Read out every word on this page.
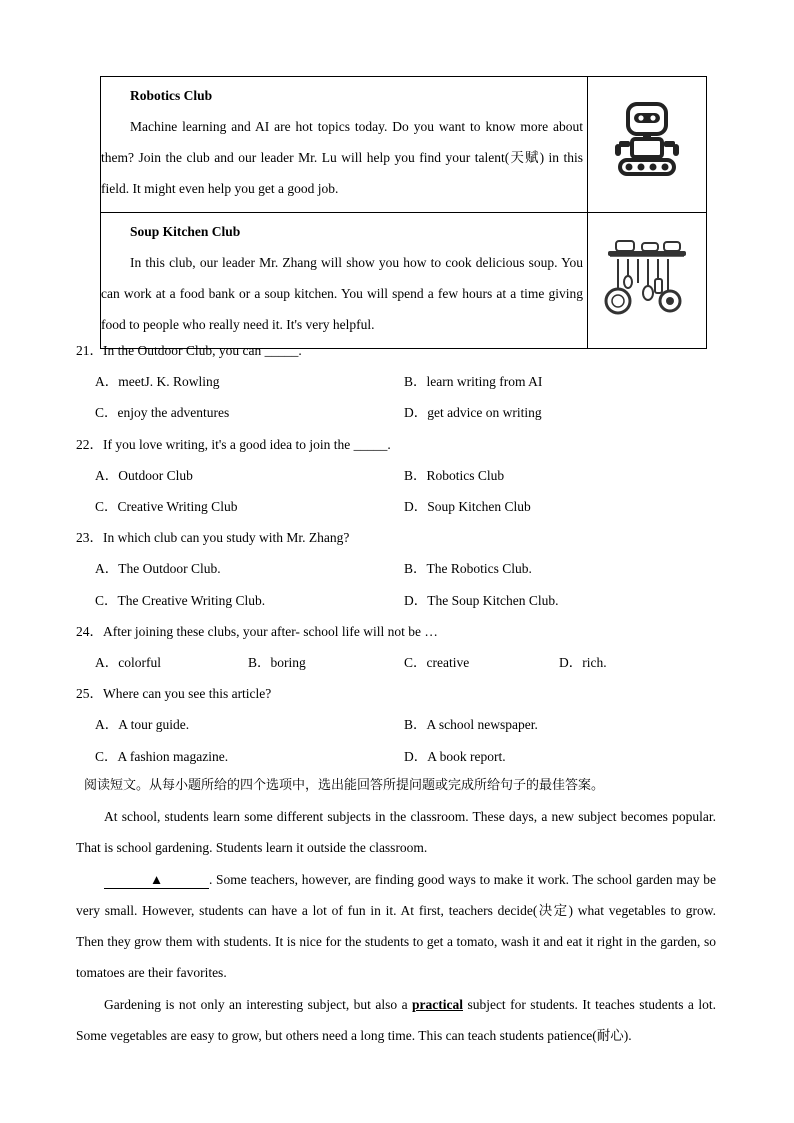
Robotics Club
Machine learning and AI are hot topics today. Do you want to know more about them? Join the club and our leader Mr. Lu will help you find your talent(天赋) in this field. It might even help you get a good job.

Soup Kitchen Club
In this club, our leader Mr. Zhang will show you how to cook delicious soup. You can work at a food bank or a soup kitchen. You will spend a few hours at a time giving food to people who really need it. It's very helpful.

21．In the Outdoor Club, you can _____.
A．meetJ. K. Rowling	B．learn writing from AI
C．enjoy the adventures	D．get advice on writing
22．If you love writing, it's a good idea to join the _____.
A．Outdoor Club	B．Robotics Club
C．Creative Writing Club	D．Soup Kitchen Club
23．In which club can you study with Mr. Zhang?
A．The Outdoor Club.	B．The Robotics Club.
C．The Creative Writing Club.	D．The Soup Kitchen Club.
24．After joining these clubs, your after- school life will not be …
A．colorful	B．boring	C．creative	D．rich.
25．Where can you see this article?
A．A tour guide.	B．A school newspaper.
C．A fashion magazine.	D．A book report.
阅读短文。从每小题所给的四个选项中，选出能回答所提问题或完成所给句子的最佳答案。
At school, students learn some different subjects in the classroom. These days, a new subject becomes popular. That is school gardening. Students learn it outside the classroom.
▲	. Some teachers, however, are finding good ways to make it work. The school garden may be very small. However, students can have a lot of fun in it. At first, teachers decide(决定) what vegetables to grow. Then they grow them with students. It is nice for the students to get a tomato, wash it and eat it right in the garden, so tomatoes are their favorites.
Gardening is not only an interesting subject, but also a practical subject for students. It teaches students a lot. Some vegetables are easy to grow, but others need a long time. This can teach students patience(耐心).
